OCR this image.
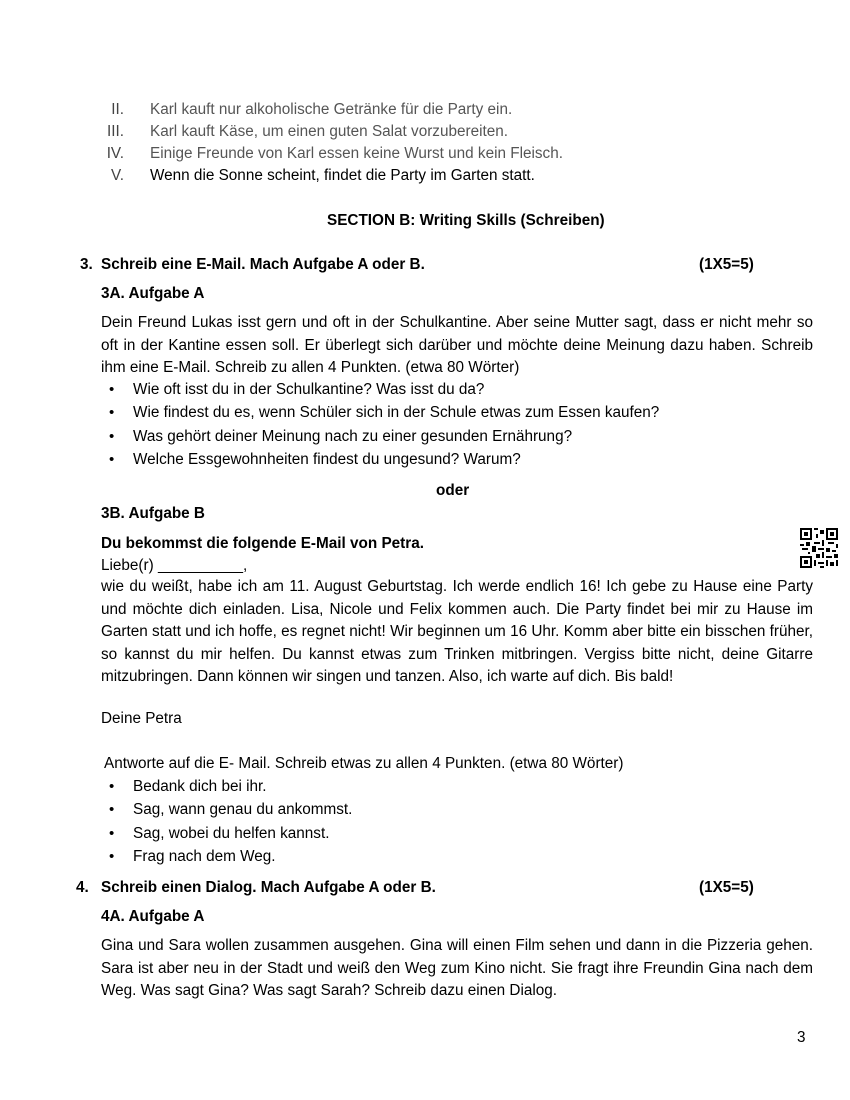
II. Karl kauft nur alkoholische Getränke für die Party ein.
III. Karl kauft Käse, um einen guten Salat vorzubereiten.
IV. Einige Freunde von Karl essen keine Wurst und kein Fleisch.
V. Wenn die Sonne scheint, findet die Party im Garten statt.
SECTION B: Writing Skills (Schreiben)
3. Schreib eine E-Mail. Mach Aufgabe A oder B.	(1X5=5)
3A. Aufgabe A
Dein Freund Lukas isst gern und oft in der Schulkantine. Aber seine Mutter sagt, dass er nicht mehr so oft in der Kantine essen soll. Er überlegt sich darüber und möchte deine Meinung dazu haben. Schreib ihm eine E-Mail. Schreib zu allen 4 Punkten. (etwa 80 Wörter)
• Wie oft isst du in der Schulkantine? Was isst du da?
• Wie findest du es, wenn Schüler sich in der Schule etwas zum Essen kaufen?
• Was gehört deiner Meinung nach zu einer gesunden Ernährung?
• Welche Essgewohnheiten findest du ungesund? Warum?
oder
3B. Aufgabe B
Du bekommst die folgende E-Mail von Petra.
Liebe(r) __________,
wie du weißt, habe ich am 11. August Geburtstag. Ich werde endlich 16! Ich gebe zu Hause eine Party und möchte dich einladen. Lisa, Nicole und Felix kommen auch. Die Party findet bei mir zu Hause im Garten statt und ich hoffe, es regnet nicht! Wir beginnen um 16 Uhr. Komm aber bitte ein bisschen früher, so kannst du mir helfen. Du kannst etwas zum Trinken mitbringen. Vergiss bitte nicht, deine Gitarre mitzubringen. Dann können wir singen und tanzen. Also, ich warte auf dich. Bis bald!
Deine Petra
Antworte auf die E- Mail. Schreib etwas zu allen 4 Punkten. (etwa 80 Wörter)
• Bedank dich bei ihr.
• Sag, wann genau du ankommst.
• Sag, wobei du helfen kannst.
• Frag nach dem Weg.
4. Schreib einen Dialog. Mach Aufgabe A oder B.	(1X5=5)
4A. Aufgabe A
Gina und Sara wollen zusammen ausgehen. Gina will einen Film sehen und dann in die Pizzeria gehen. Sara ist aber neu in der Stadt und weiß den Weg zum Kino nicht. Sie fragt ihre Freundin Gina nach dem Weg. Was sagt Gina? Was sagt Sarah? Schreib dazu einen Dialog.
3
